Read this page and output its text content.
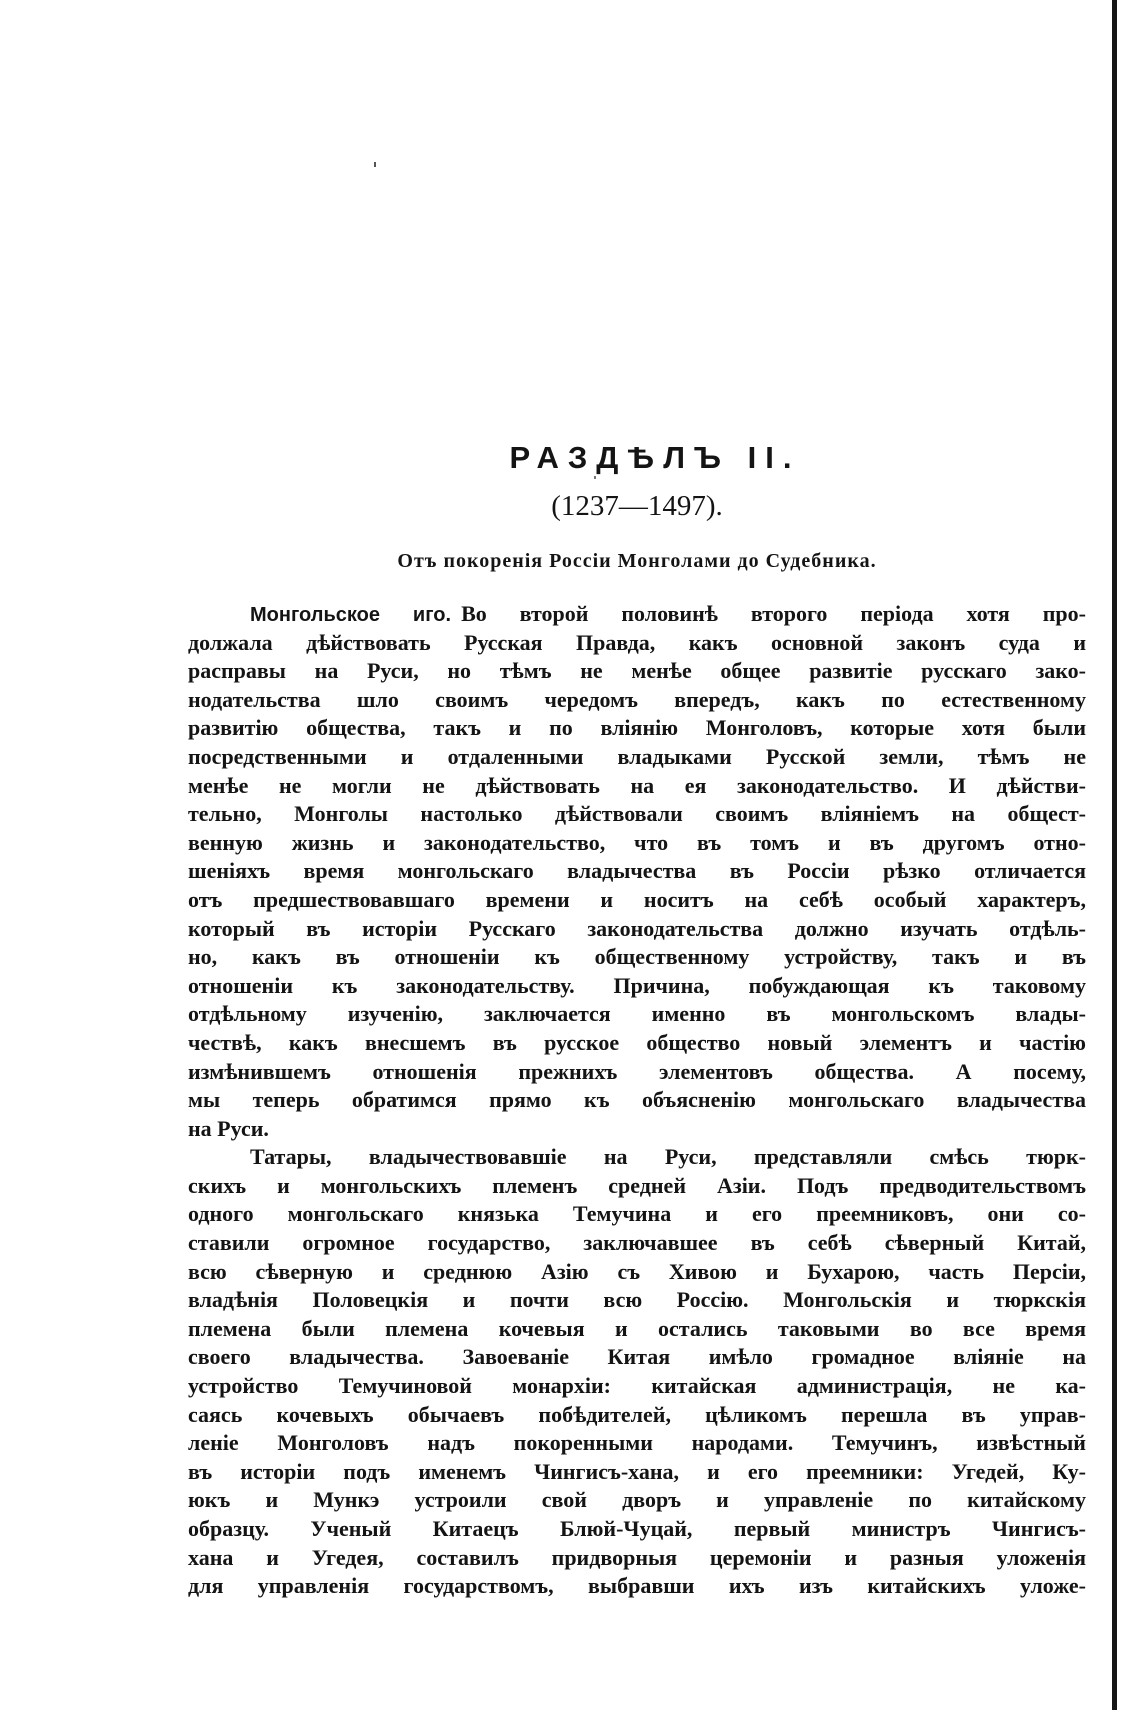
РАЗДѢЛЪ II.
(1237—1497).
Отъ покоренія Россіи Монголами до Судебника.
Монгольское иго. Во второй половинѣ второго періода хотя про-
должала дѣйствовать Русская Правда, какъ основной законъ суда и
расправы на Руси, но тѣмъ не менѣе общее развитіе русскаго зако-
нодательства шло своимъ чередомъ впередъ, какъ по естественному
развитію общества, такъ и по вліянію Монголовъ, которые хотя были
посредственными и отдаленными владыками Русской земли, тѣмъ не
менѣе не могли не дѣйствовать на ея законодательство. И дѣйстви-
тельно, Монголы настолько дѣйствовали своимъ вліяніемъ на общест-
венную жизнь и законодательство, что въ томъ и въ другомъ отно-
шеніяхъ время монгольскаго владычества въ Россіи рѣзко отличается
отъ предшествовавшаго времени и носитъ на себѣ особый характеръ,
который въ исторіи Русскаго законодательства должно изучать отдѣль-
но, какъ въ отношеніи къ общественному устройству, такъ и въ
отношеніи къ законодательству. Причина, побуждающая къ таковому
отдѣльному изученію, заключается именно въ монгольскомъ влады-
чествѣ, какъ внесшемъ въ русское общество новый элементъ и частію
измѣнившемъ отношенія прежнихъ элементовъ общества. А посему,
мы теперь обратимся прямо къ объясненію монгольскаго владычества
на Руси.
Татары, владычествовавшіе на Руси, представляли смѣсь тюрк-
скихъ и монгольскихъ племенъ средней Азіи. Подъ предводительствомъ
одного монгольскаго князька Темучина и его преемниковъ, они со-
ставили огромное государство, заключавшее въ себѣ сѣверный Китай,
всю сѣверную и среднюю Азію съ Хивою и Бухарою, часть Персіи,
владѣнія Половецкія и почти всю Россію. Монгольскія и тюркскія
племена были племена кочевыя и остались таковыми во все время
своего владычества. Завоеваніе Китая имѣло громадное вліяніе на
устройство Темучиновой монархіи: китайская администрація, не ка-
саясь кочевыхъ обычаевъ побѣдителей, цѣликомъ перешла въ управ-
леніе Монголовъ надъ покоренными народами. Темучинъ, извѣстный
въ исторіи подъ именемъ Чингисъ-хана, и его преемники: Угедей, Ку-
юкъ и Мункэ устроили свой дворъ и управленіе по китайскому
образцу. Ученый Китаецъ Блюй-Чуцай, первый министръ Чингисъ-
хана и Угедея, составилъ придворныя церемоніи и разныя уложенія
для управленія государствомъ, выбравши ихъ изъ китайскихъ уложе-
